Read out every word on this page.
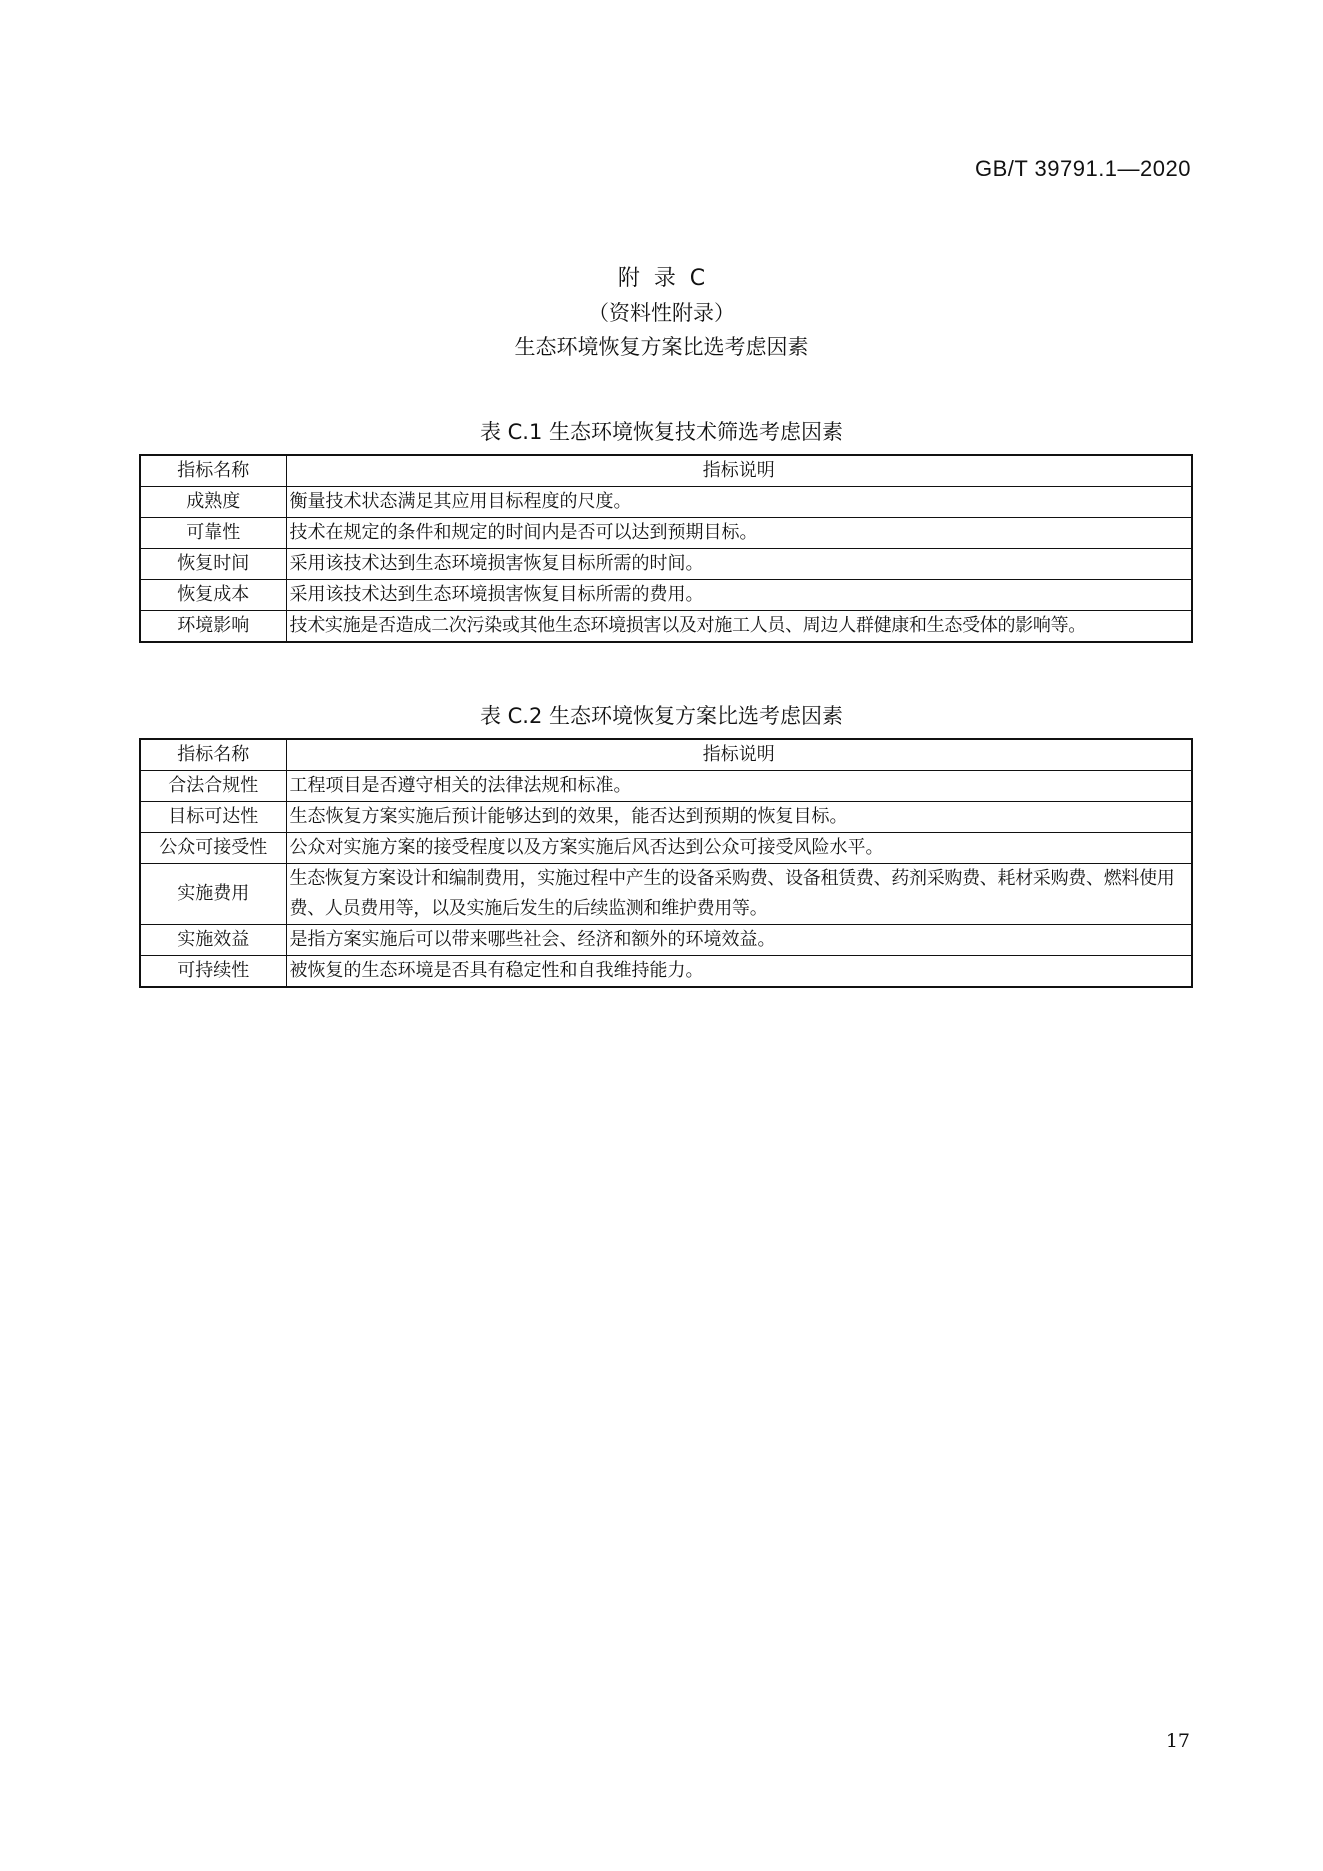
GB/T 39791.1—2020
附  录  C
（资料性附录）
生态环境恢复方案比选考虑因素
表 C.1 生态环境恢复技术筛选考虑因素
指标名称	指标说明
成熟度	衡量技术状态满足其应用目标程度的尺度。
可靠性	技术在规定的条件和规定的时间内是否可以达到预期目标。
恢复时间	采用该技术达到生态环境损害恢复目标所需的时间。
恢复成本	采用该技术达到生态环境损害恢复目标所需的费用。
环境影响	技术实施是否造成二次污染或其他生态环境损害以及对施工人员、周边人群健康和生态受体的影响等。
表 C.2 生态环境恢复方案比选考虑因素
指标名称	指标说明
合法合规性	工程项目是否遵守相关的法律法规和标准。
目标可达性	生态恢复方案实施后预计能够达到的效果，能否达到预期的恢复目标。
公众可接受性	公众对实施方案的接受程度以及方案实施后风否达到公众可接受风险水平。
实施费用	生态恢复方案设计和编制费用，实施过程中产生的设备采购费、设备租赁费、药剂采购费、耗材采购费、燃料使用费、人员费用等，以及实施后发生的后续监测和维护费用等。
实施效益	是指方案实施后可以带来哪些社会、经济和额外的环境效益。
可持续性	被恢复的生态环境是否具有稳定性和自我维持能力。
17
